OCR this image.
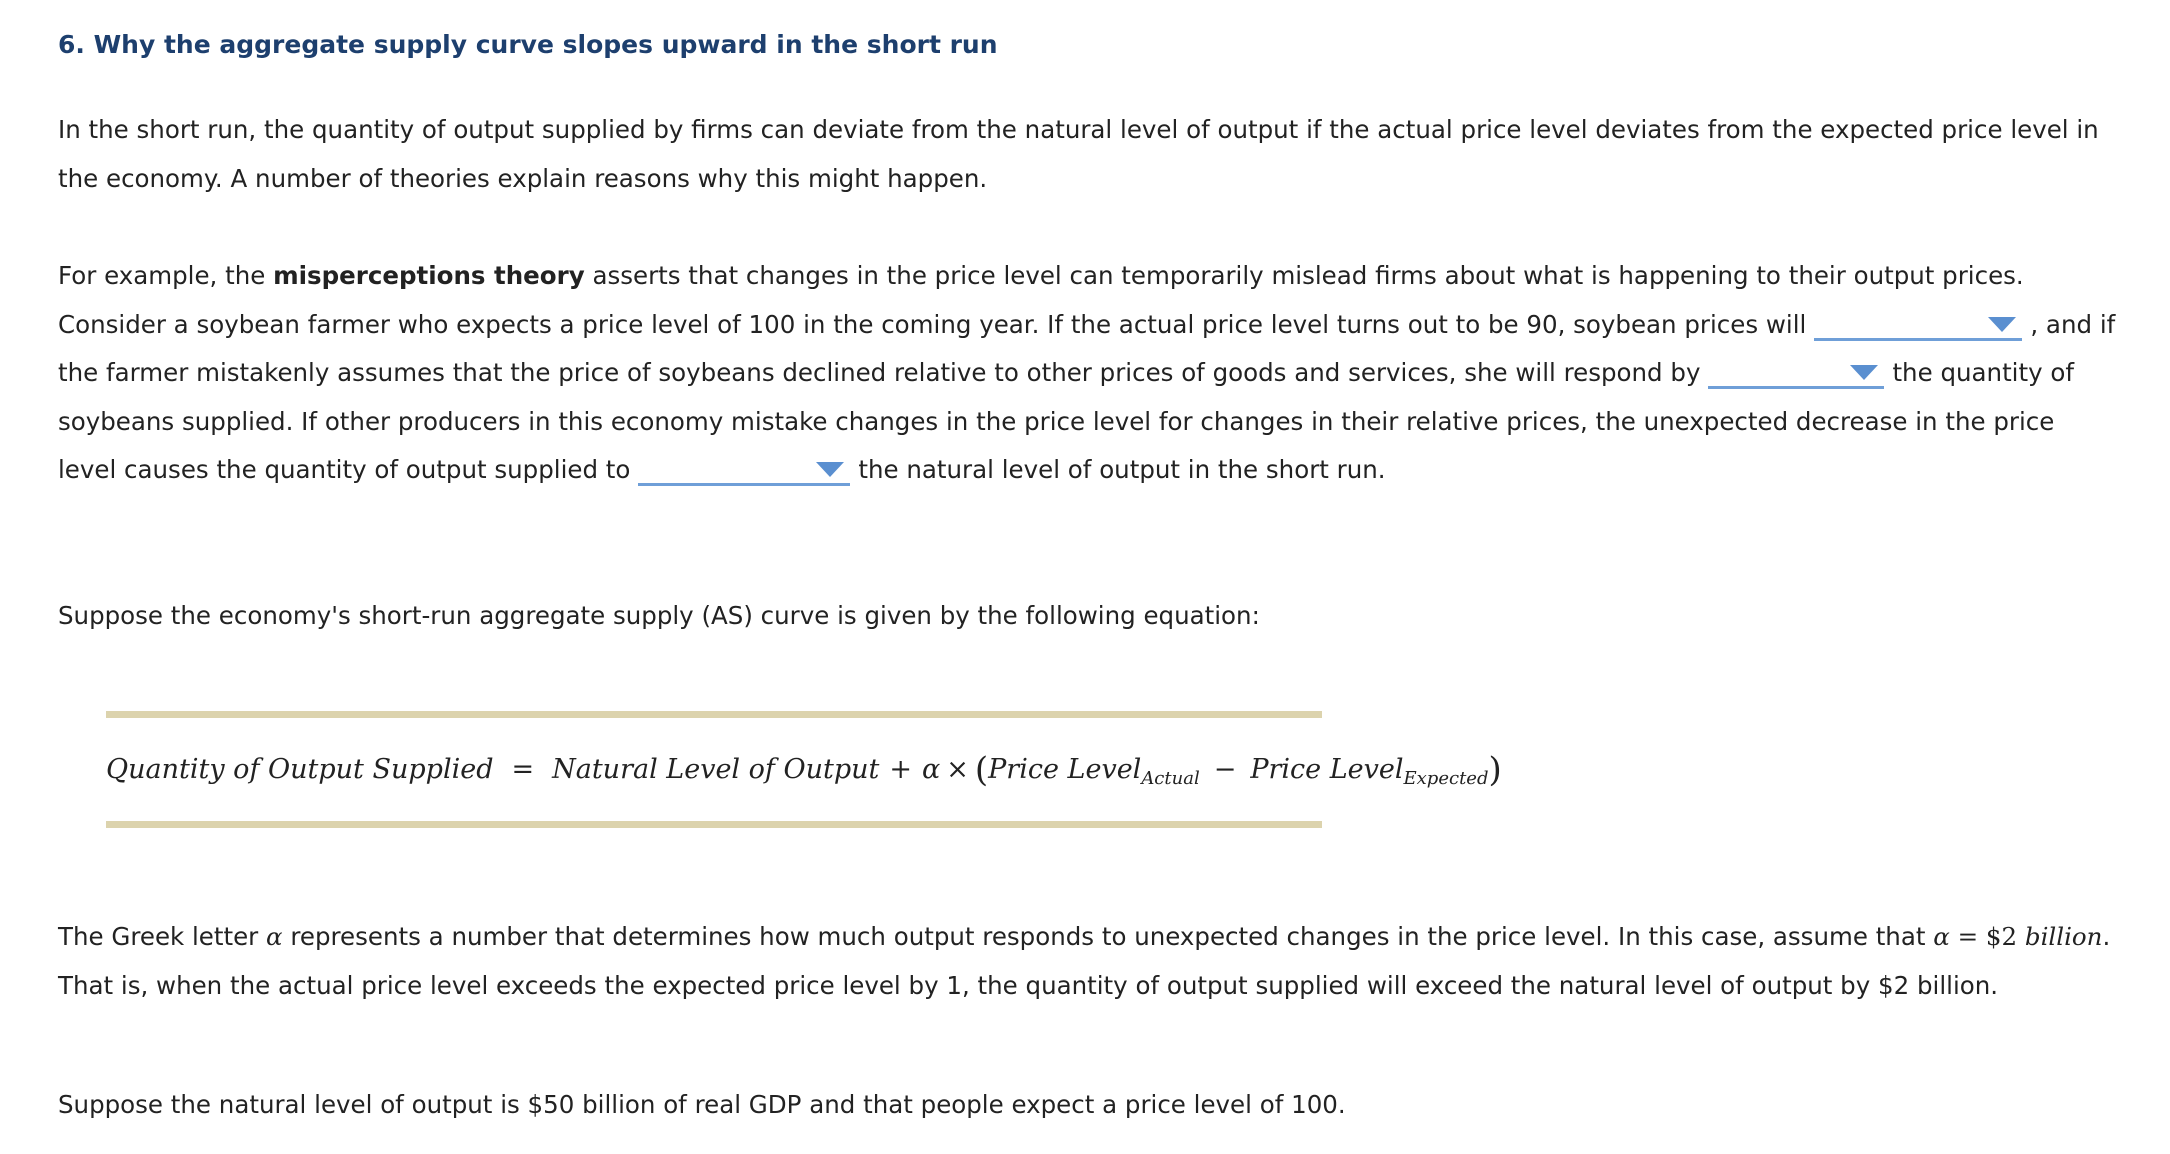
6. Why the aggregate supply curve slopes upward in the short run

In the short run, the quantity of output supplied by firms can deviate from the natural level of output if the actual price level deviates from the expected price level in the economy. A number of theories explain reasons why this might happen.

For example, the misperceptions theory asserts that changes in the price level can temporarily mislead firms about what is happening to their output prices. Consider a soybean farmer who expects a price level of 100 in the coming year. If the actual price level turns out to be 90, soybean prices will	, and if the farmer mistakenly assumes that the price of soybeans declined relative to other prices of goods and services, she will respond by	the quantity of soybeans supplied. If other producers in this economy mistake changes in the price level for changes in their relative prices, the unexpected decrease in the price level causes the quantity of output supplied to	the natural level of output in the short run.

Suppose the economy's short-run aggregate supply (AS) curve is given by the following equation:

Quantity of Output Supplied = Natural Level of Output + α × (Price Level$_{Actual}$ − Price Level$_{Expected}$)

The Greek letter α represents a number that determines how much output responds to unexpected changes in the price level. In this case, assume that α = $2 billion. That is, when the actual price level exceeds the expected price level by 1, the quantity of output supplied will exceed the natural level of output by $2 billion.

Suppose the natural level of output is $50 billion of real GDP and that people expect a price level of 100.
